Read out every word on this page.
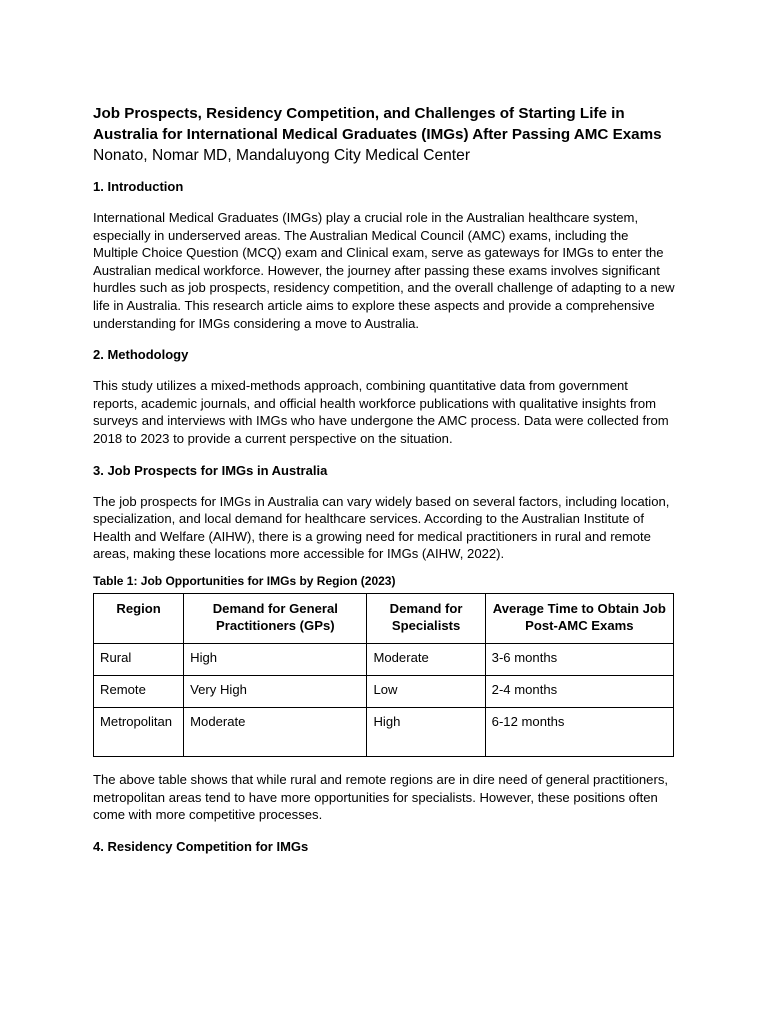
Job Prospects, Residency Competition, and Challenges of Starting Life in Australia for International Medical Graduates (IMGs) After Passing AMC Exams
Nonato, Nomar MD, Mandaluyong City Medical Center
1. Introduction

International Medical Graduates (IMGs) play a crucial role in the Australian healthcare system, especially in underserved areas. The Australian Medical Council (AMC) exams, including the Multiple Choice Question (MCQ) exam and Clinical exam, serve as gateways for IMGs to enter the Australian medical workforce. However, the journey after passing these exams involves significant hurdles such as job prospects, residency competition, and the overall challenge of adapting to a new life in Australia. This research article aims to explore these aspects and provide a comprehensive understanding for IMGs considering a move to Australia.

2. Methodology

This study utilizes a mixed-methods approach, combining quantitative data from government reports, academic journals, and official health workforce publications with qualitative insights from surveys and interviews with IMGs who have undergone the AMC process. Data were collected from 2018 to 2023 to provide a current perspective on the situation.

3. Job Prospects for IMGs in Australia

The job prospects for IMGs in Australia can vary widely based on several factors, including location, specialization, and local demand for healthcare services. According to the Australian Institute of Health and Welfare (AIHW), there is a growing need for medical practitioners in rural and remote areas, making these locations more accessible for IMGs (AIHW, 2022).

Table 1: Job Opportunities for IMGs by Region (2023)
Region	Demand for General Practitioners (GPs)	Demand for Specialists	Average Time to Obtain Job Post-AMC Exams
Rural	High	Moderate	3-6 months
Remote	Very High	Low	2-4 months
Metropolitan	Moderate	High	6-12 months

The above table shows that while rural and remote regions are in dire need of general practitioners, metropolitan areas tend to have more opportunities for specialists. However, these positions often come with more competitive processes.

4. Residency Competition for IMGs
